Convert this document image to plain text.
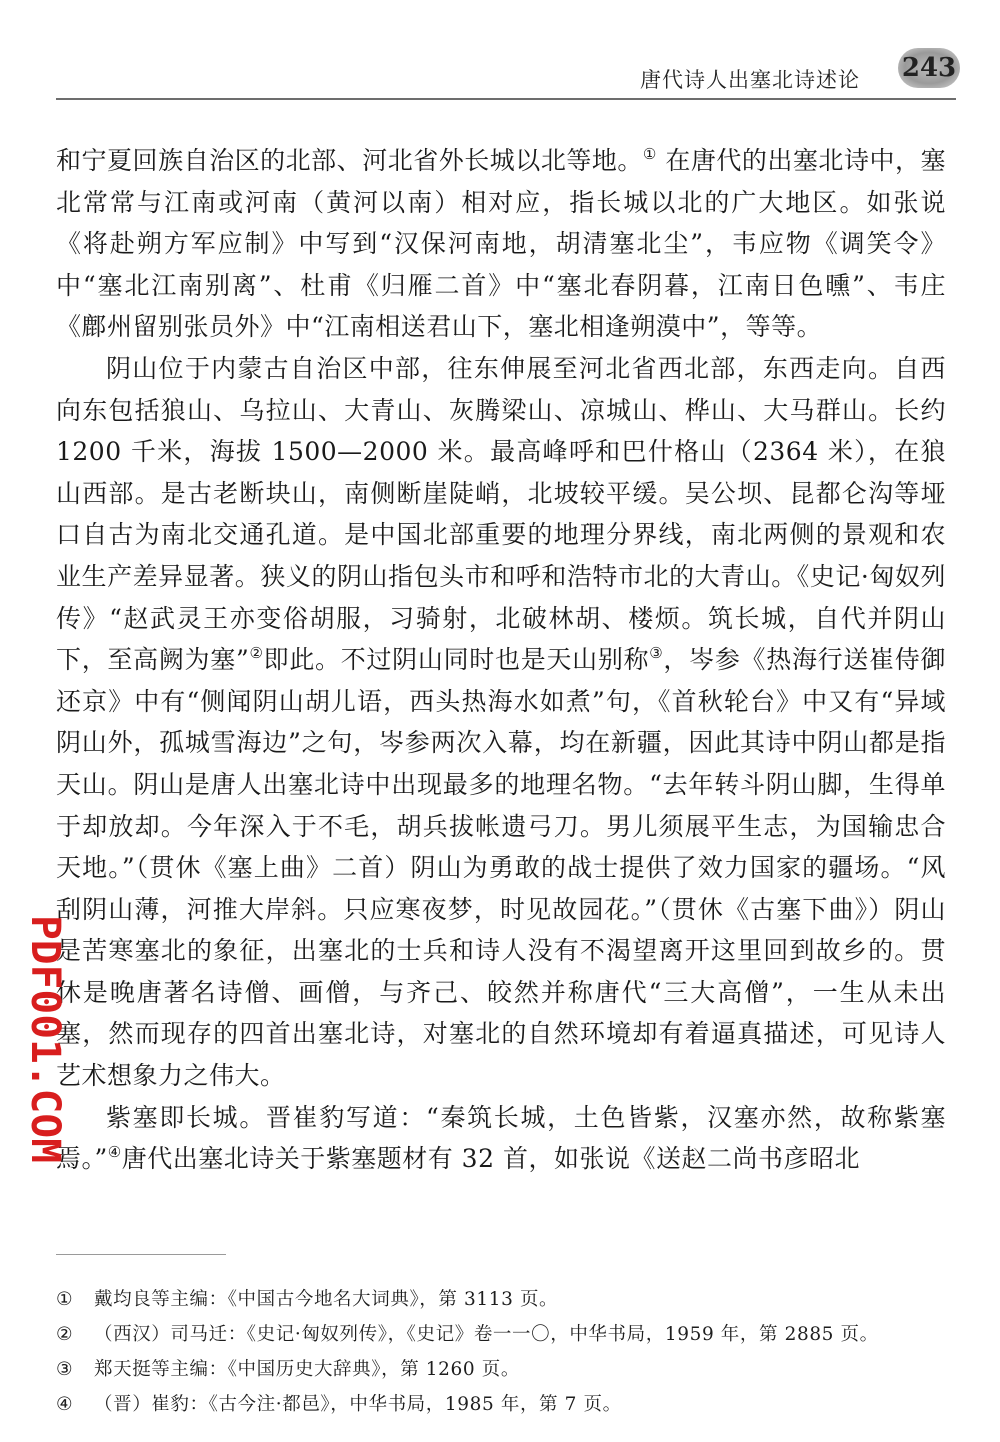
唐代诗人出塞北诗述论	243

和宁夏回族自治区的北部、河北省外长城以北等地。① 在唐代的出塞北诗中，塞北常常与江南或河南（黄河以南）相对应，指长城以北的广大地区。如张说《将赴朔方军应制》中写到“汉保河南地，胡清塞北尘”，韦应物《调笑令》中“塞北江南别离”、杜甫《归雁二首》中“塞北春阴暮，江南日色曛”、韦庄《鄜州留别张员外》中“江南相送君山下，塞北相逢朔漠中”，等等。

阴山位于内蒙古自治区中部，往东伸展至河北省西北部，东西走向。自西向东包括狼山、乌拉山、大青山、灰腾梁山、凉城山、桦山、大马群山。长约 1200 千米，海拔 1500—2000 米。最高峰呼和巴什格山（2364 米），在狼山西部。是古老断块山，南侧断崖陡峭，北坡较平缓。吴公坝、昆都仑沟等垭口自古为南北交通孔道。是中国北部重要的地理分界线，南北两侧的景观和农业生产差异显著。狭义的阴山指包头市和呼和浩特市北的大青山。《史记·匈奴列传》“赵武灵王亦变俗胡服，习骑射，北破林胡、楼烦。筑长城，自代并阴山下，至高阙为塞”②即此。不过阴山同时也是天山别称③，岑参《热海行送崔侍御还京》中有“侧闻阴山胡儿语，西头热海水如煮”句，《首秋轮台》中又有“异域阴山外，孤城雪海边”之句，岑参两次入幕，均在新疆，因此其诗中阴山都是指天山。阴山是唐人出塞北诗中出现最多的地理名物。“去年转斗阴山脚，生得单于却放却。今年深入于不毛，胡兵拔帐遗弓刀。男儿须展平生志，为国输忠合天地。”（贯休《塞上曲》二首）阴山为勇敢的战士提供了效力国家的疆场。“风刮阴山薄，河推大岸斜。只应寒夜梦，时见故园花。”（贯休《古塞下曲》）阴山是苦寒塞北的象征，出塞北的士兵和诗人没有不渴望离开这里回到故乡的。贯休是晚唐著名诗僧、画僧，与齐己、皎然并称唐代“三大高僧”，一生从未出塞，然而现存的四首出塞北诗，对塞北的自然环境却有着逼真描述，可见诗人艺术想象力之伟大。

紫塞即长城。晋崔豹写道：“秦筑长城，土色皆紫，汉塞亦然，故称紫塞焉。”④唐代出塞北诗关于紫塞题材有 32 首，如张说《送赵二尚书彦昭北

① 戴均良等主编：《中国古今地名大词典》，第 3113 页。
② （西汉）司马迁：《史记·匈奴列传》，《史记》卷一一〇，中华书局，1959 年，第 2885 页。
③ 郑天挺等主编：《中国历史大辞典》，第 1260 页。
④ （晋）崔豹：《古今注·都邑》，中华书局，1985 年，第 7 页。
PDF001.COM
